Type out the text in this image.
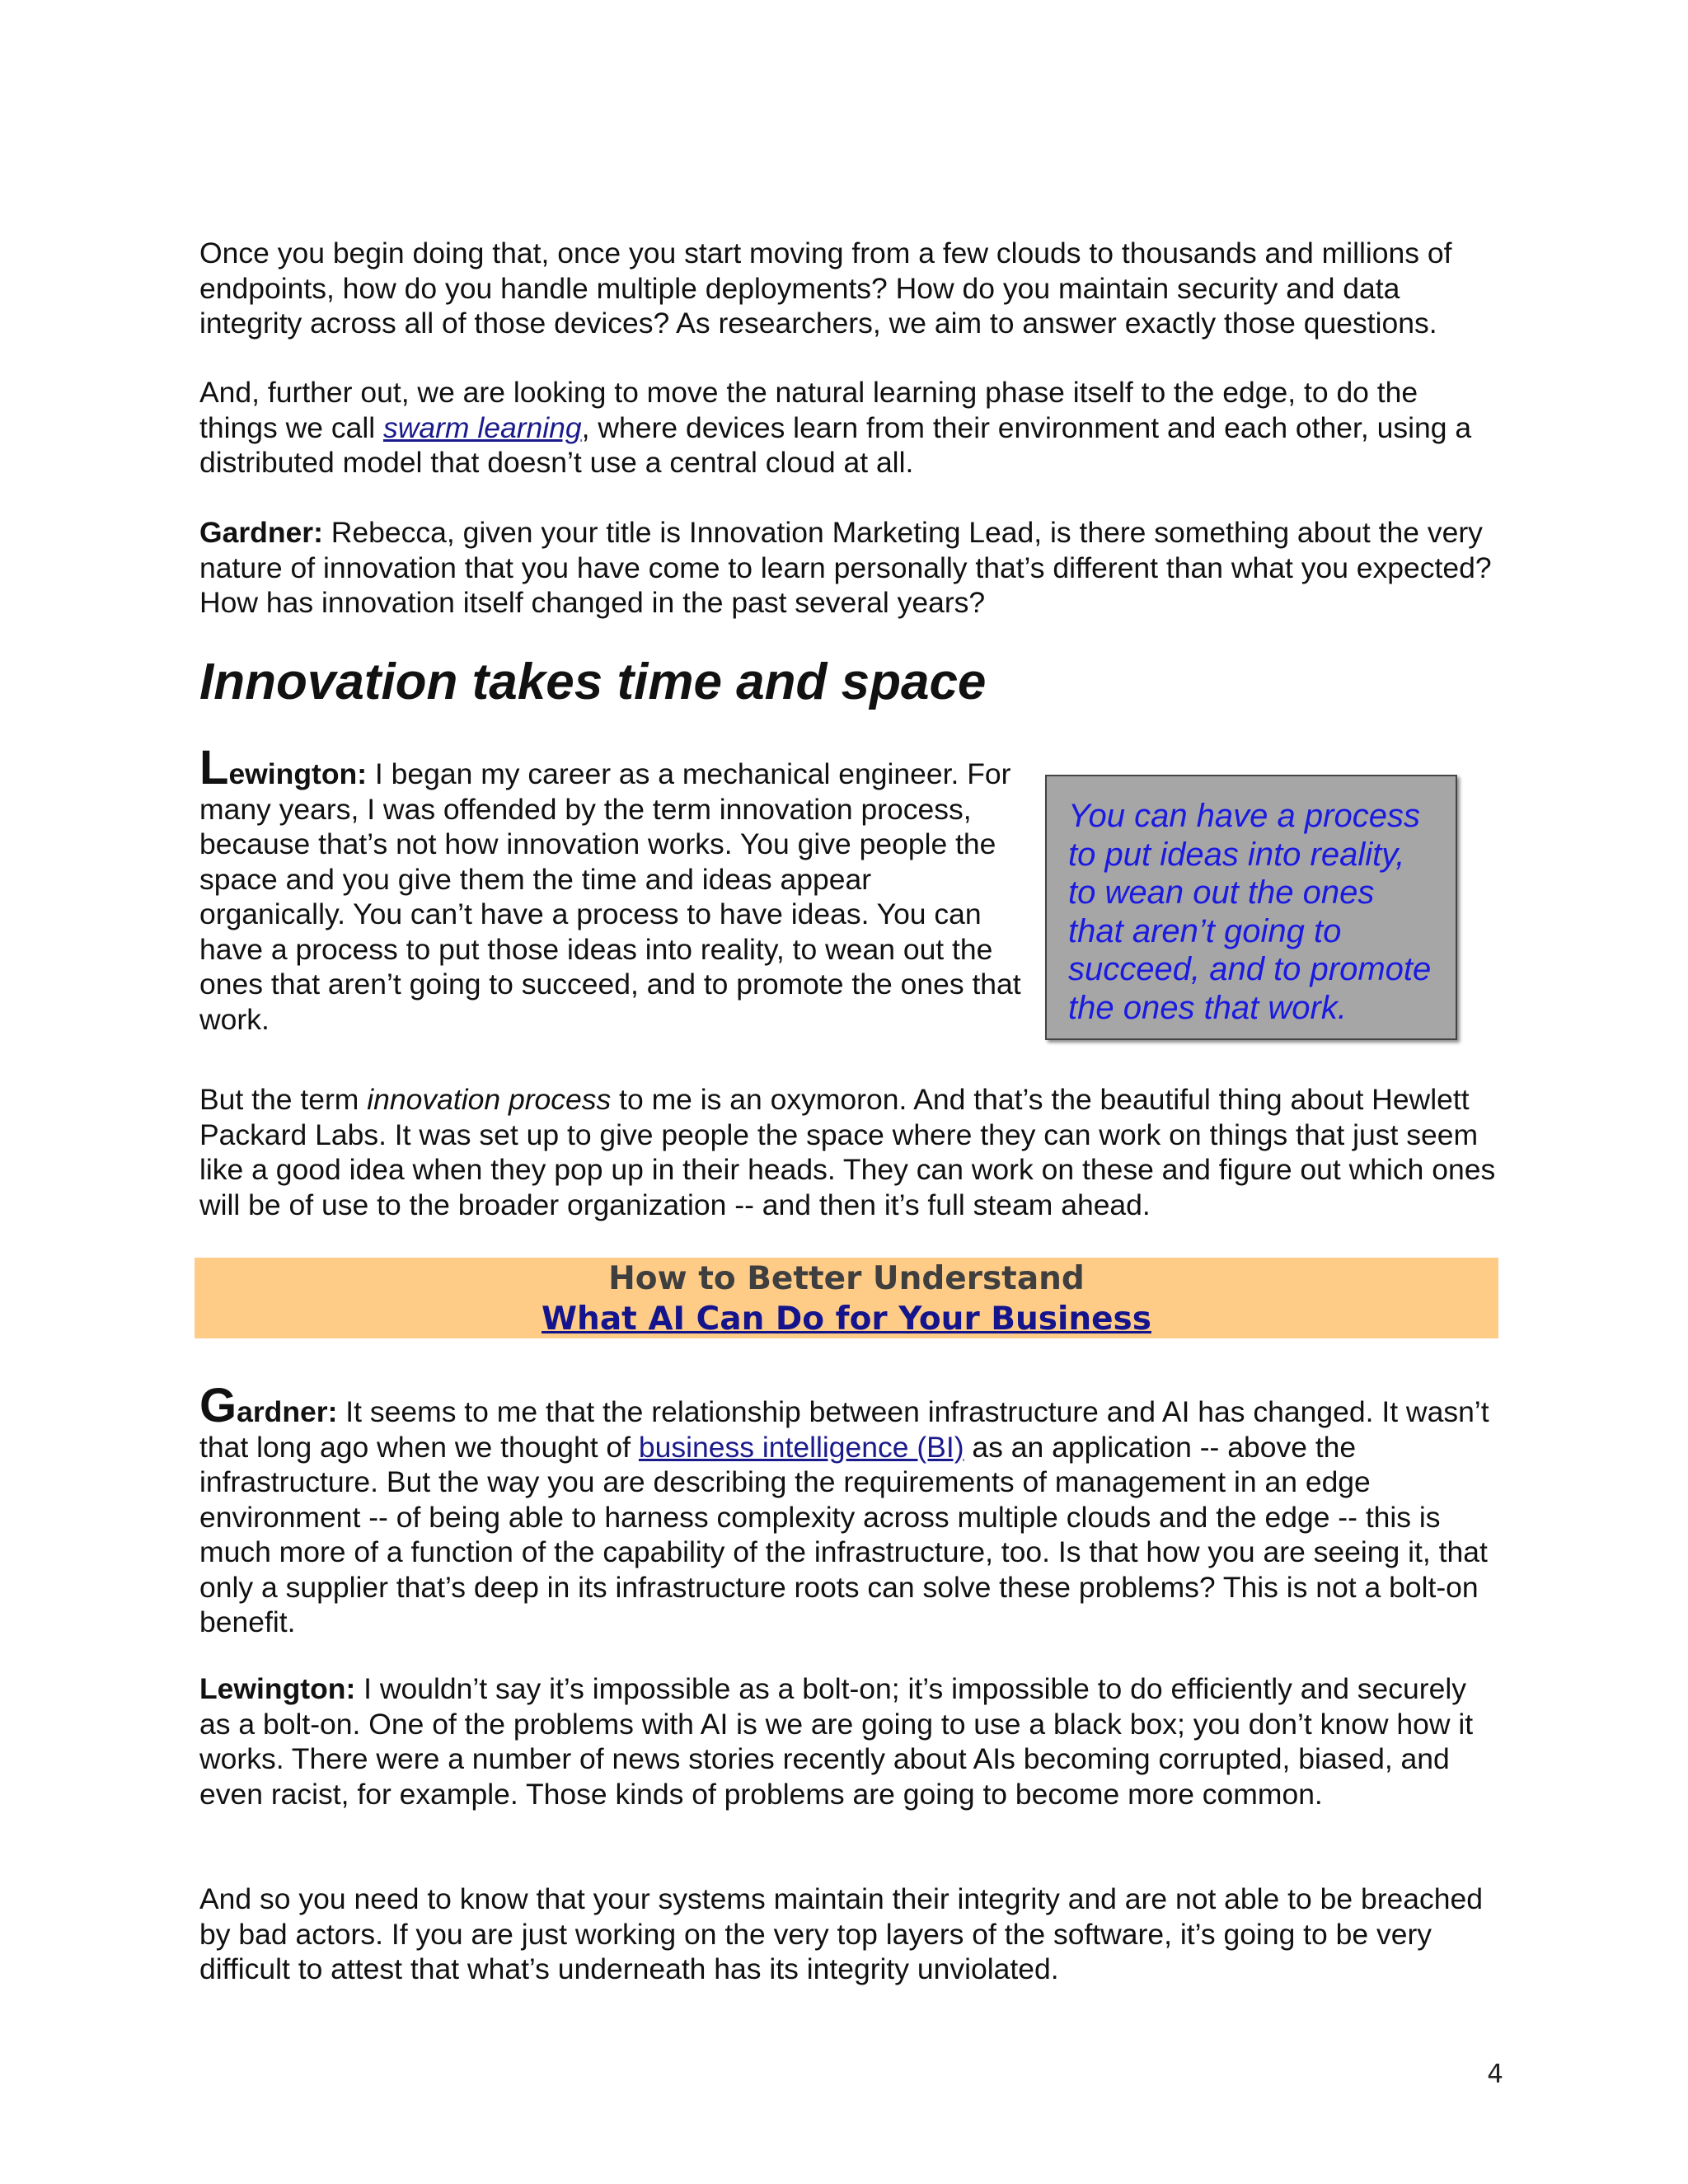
Once you begin doing that, once you start moving from a few clouds to thousands and millions of endpoints, how do you handle multiple deployments? How do you maintain security and data integrity across all of those devices? As researchers, we aim to answer exactly those questions.

And, further out, we are looking to move the natural learning phase itself to the edge, to do the things we call swarm learning, where devices learn from their environment and each other, using a distributed model that doesn’t use a central cloud at all.

Gardner: Rebecca, given your title is Innovation Marketing Lead, is there something about the very nature of innovation that you have come to learn personally that’s different than what you expected? How has innovation itself changed in the past several years?

Innovation takes time and space

Lewington: I began my career as a mechanical engineer. For many years, I was offended by the term innovation process, because that’s not how innovation works. You give people the space and you give them the time and ideas appear organically. You can’t have a process to have ideas. You can have a process to put those ideas into reality, to wean out the ones that aren’t going to succeed, and to promote the ones that work.

You can have a process to put ideas into reality, to wean out the ones that aren’t going to succeed, and to promote the ones that work.

But the term innovation process to me is an oxymoron. And that’s the beautiful thing about Hewlett Packard Labs. It was set up to give people the space where they can work on things that just seem like a good idea when they pop up in their heads. They can work on these and figure out which ones will be of use to the broader organization -- and then it’s full steam ahead.

How to Better Understand
What AI Can Do for Your Business

Gardner: It seems to me that the relationship between infrastructure and AI has changed. It wasn’t that long ago when we thought of business intelligence (BI) as an application -- above the infrastructure. But the way you are describing the requirements of management in an edge environment -- of being able to harness complexity across multiple clouds and the edge -- this is much more of a function of the capability of the infrastructure, too. Is that how you are seeing it, that only a supplier that’s deep in its infrastructure roots can solve these problems? This is not a bolt-on benefit.

Lewington: I wouldn’t say it’s impossible as a bolt-on; it’s impossible to do efficiently and securely as a bolt-on. One of the problems with AI is we are going to use a black box; you don’t know how it works. There were a number of news stories recently about AIs becoming corrupted, biased, and even racist, for example. Those kinds of problems are going to become more common.

And so you need to know that your systems maintain their integrity and are not able to be breached by bad actors. If you are just working on the very top layers of the software, it’s going to be very difficult to attest that what’s underneath has its integrity unviolated.

4
